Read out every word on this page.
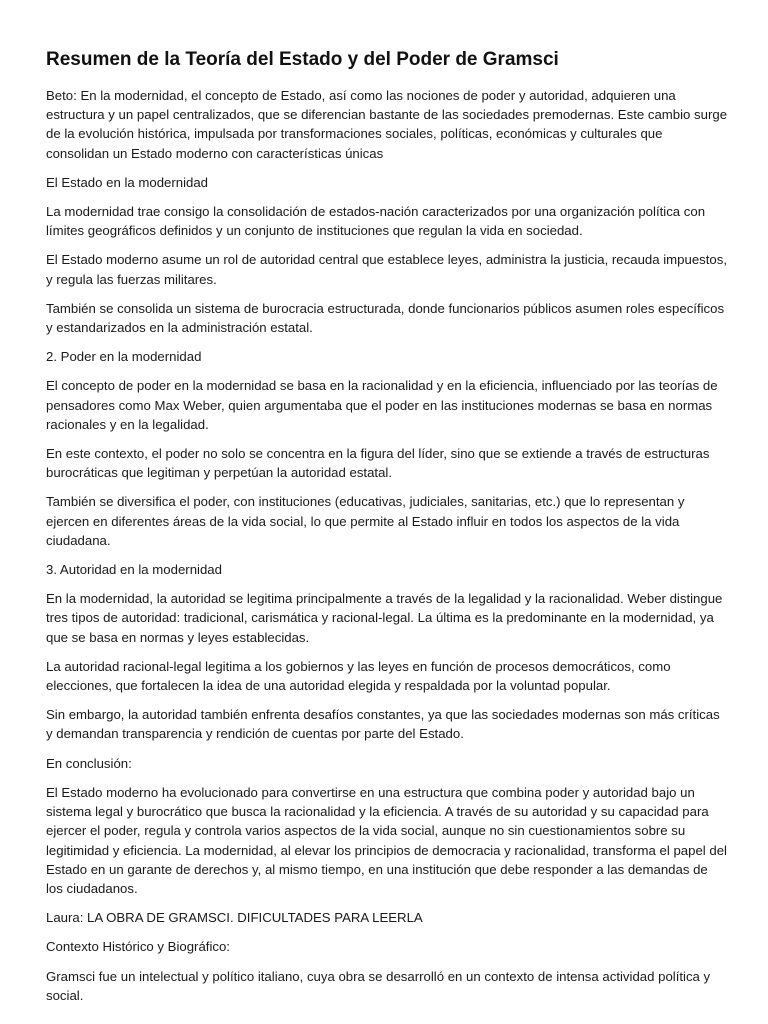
Resumen de la Teoría del Estado y del Poder de Gramsci

Beto: En la modernidad, el concepto de Estado, así como las nociones de poder y autoridad, adquieren una estructura y un papel centralizados, que se diferencian bastante de las sociedades premodernas. Este cambio surge de la evolución histórica, impulsada por transformaciones sociales, políticas, económicas y culturales que consolidan un Estado moderno con características únicas

El Estado en la modernidad

La modernidad trae consigo la consolidación de estados-nación caracterizados por una organización política con límites geográficos definidos y un conjunto de instituciones que regulan la vida en sociedad.

El Estado moderno asume un rol de autoridad central que establece leyes, administra la justicia, recauda impuestos, y regula las fuerzas militares.

También se consolida un sistema de burocracia estructurada, donde funcionarios públicos asumen roles específicos y estandarizados en la administración estatal.

2. Poder en la modernidad

El concepto de poder en la modernidad se basa en la racionalidad y en la eficiencia, influenciado por las teorías de pensadores como Max Weber, quien argumentaba que el poder en las instituciones modernas se basa en normas racionales y en la legalidad.

En este contexto, el poder no solo se concentra en la figura del líder, sino que se extiende a través de estructuras burocráticas que legitiman y perpetúan la autoridad estatal.

También se diversifica el poder, con instituciones (educativas, judiciales, sanitarias, etc.) que lo representan y ejercen en diferentes áreas de la vida social, lo que permite al Estado influir en todos los aspectos de la vida ciudadana.

3. Autoridad en la modernidad

En la modernidad, la autoridad se legitima principalmente a través de la legalidad y la racionalidad. Weber distingue tres tipos de autoridad: tradicional, carismática y racional-legal. La última es la predominante en la modernidad, ya que se basa en normas y leyes establecidas.

La autoridad racional-legal legitima a los gobiernos y las leyes en función de procesos democráticos, como elecciones, que fortalecen la idea de una autoridad elegida y respaldada por la voluntad popular.

Sin embargo, la autoridad también enfrenta desafíos constantes, ya que las sociedades modernas son más críticas y demandan transparencia y rendición de cuentas por parte del Estado.

En conclusión:

El Estado moderno ha evolucionado para convertirse en una estructura que combina poder y autoridad bajo un sistema legal y burocrático que busca la racionalidad y la eficiencia. A través de su autoridad y su capacidad para ejercer el poder, regula y controla varios aspectos de la vida social, aunque no sin cuestionamientos sobre su legitimidad y eficiencia. La modernidad, al elevar los principios de democracia y racionalidad, transforma el papel del Estado en un garante de derechos y, al mismo tiempo, en una institución que debe responder a las demandas de los ciudadanos.

Laura: LA OBRA DE GRAMSCI. DIFICULTADES PARA LEERLA

Contexto Histórico y Biográfico:

Gramsci fue un intelectual y político italiano, cuya obra se desarrolló en un contexto de intensa actividad política y social.
